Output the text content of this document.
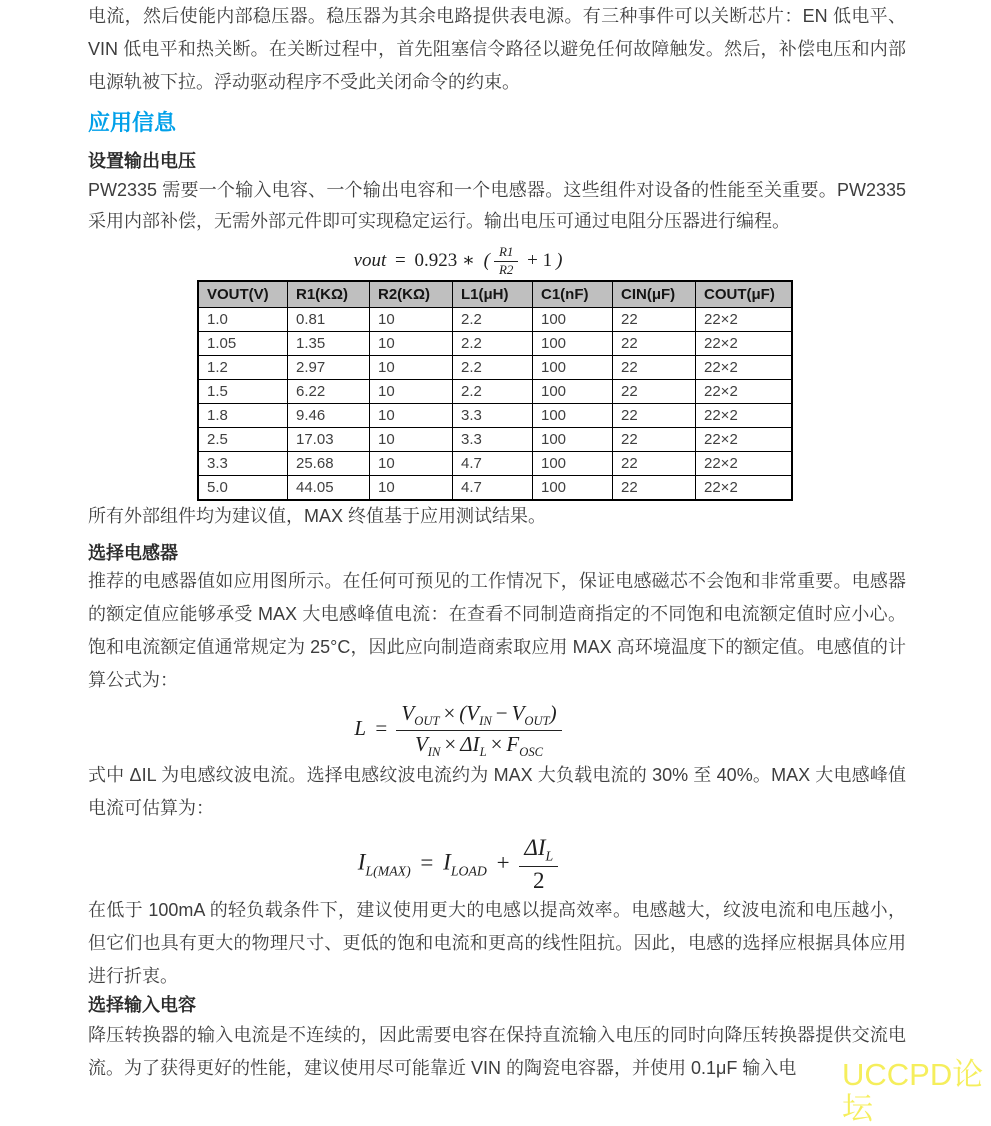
电流，然后使能内部稳压器。稳压器为其余电路提供表电源。有三种事件可以关断芯片：EN 低电平、VIN 低电平和热关断。在关断过程中，首先阻塞信令路径以避免任何故障触发。然后，补偿电压和内部电源轨被下拉。浮动驱动程序不受此关闭命令的约束。

应用信息
设置输出电压

PW2335 需要一个输入电容、一个输出电容和一个电感器。这些组件对设备的性能至关重要。PW2335 采用内部补偿，无需外部元件即可实现稳定运行。输出电压可通过电阻分压器进行编程。

vout = 0.923 ∗ ( $\frac{R1}{R2} + 1$ )
VOUT(V)	R1(KΩ)	R2(KΩ)	L1(μH)	C1(nF)	CIN(μF)	COUT(μF)
1.0	0.81	10	2.2	100	22	22×2
1.05	1.35	10	2.2	100	22	22×2
1.2	2.97	10	2.2	100	22	22×2
1.5	6.22	10	2.2	100	22	22×2
1.8	9.46	10	3.3	100	22	22×2
2.5	17.03	10	3.3	100	22	22×2
3.3	25.68	10	4.7	100	22	22×2
5.0	44.05	10	4.7	100	22	22×2

所有外部组件均为建议值，MAX 终值基于应用测试结果。

选择电感器

推荐的电感器值如应用图所示。在任何可预见的工作情况下，保证电感磁芯不会饱和非常重要。电感器的额定值应能够承受 MAX 大电感峰值电流：在查看不同制造商指定的不同饱和电流额定值时应小心。饱和电流额定值通常规定为 25°C，因此应向制造商索取应用 MAX 高环境温度下的额定值。电感值的计算公式为：

$L = \frac{V_{OUT} \times (V_{IN} - V_{OUT})}{V_{IN} \times \Delta I_L \times F_{OSC}}$

式中 ΔIL 为电感纹波电流。选择电感纹波电流约为 MAX 大负载电流的 30% 至 40%。MAX 大电感峰值电流可估算为：

$I_{L(MAX)} = I_{LOAD} + \frac{\Delta I_L}{2}$

在低于 100mA 的轻负载条件下，建议使用更大的电感以提高效率。电感越大，纹波电流和电压越小，但它们也具有更大的物理尺寸、更低的饱和电流和更高的线性阻抗。因此，电感的选择应根据具体应用进行折衷。

选择输入电容

降压转换器的输入电流是不连续的，因此需要电容在保持直流输入电压的同时向降压转换器提供交流电流。为了获得更好的性能，建议使用尽可能靠近 VIN 的陶瓷电容器，并使用 0.1μF 输入电	UCCPD论坛
